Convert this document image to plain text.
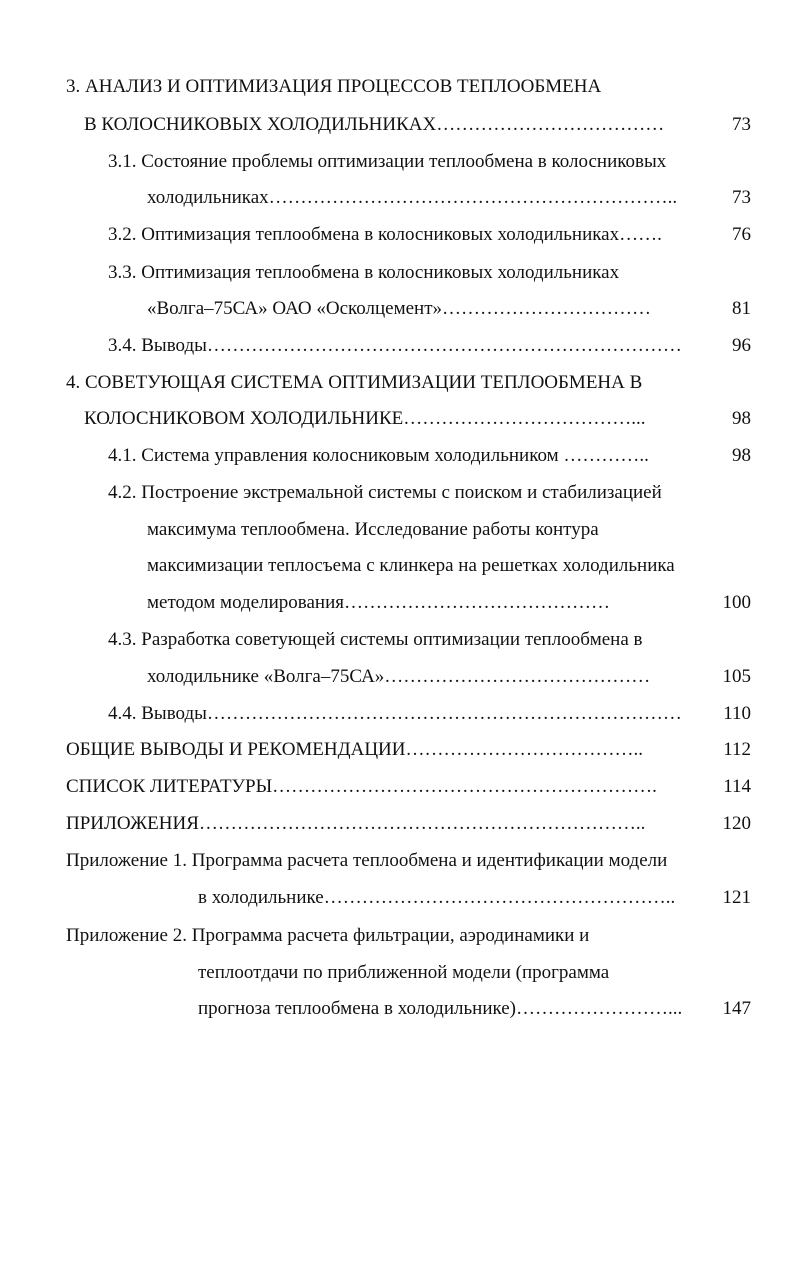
3. АНАЛИЗ И ОПТИМИЗАЦИЯ ПРОЦЕССОВ ТЕПЛООБМЕНА
В КОЛОСНИКОВЫХ ХОЛОДИЛЬНИКАХ………………………………	73
3.1. Состояние проблемы оптимизации теплообмена в колосниковых
холодильниках………………………………………………………..	73
3.2. Оптимизация теплообмена в колосниковых холодильниках…….	76
3.3. Оптимизация теплообмена в колосниковых холодильниках
«Волга–75СА» ОАО «Осколцемент»……………………………	81
3.4. Выводы…………………………………………………………………	96
4. СОВЕТУЮЩАЯ СИСТЕМА ОПТИМИЗАЦИИ ТЕПЛООБМЕНА В
КОЛОСНИКОВОМ ХОЛОДИЛЬНИКЕ………………………………...	98
4.1. Система управления колосниковым холодильником …………..	98
4.2. Построение экстремальной системы с поиском и стабилизацией
максимума теплообмена. Исследование работы контура
максимизации теплосъема с клинкера на решетках холодильника
методом моделирования……………………………………	100
4.3. Разработка советующей системы оптимизации теплообмена в
холодильнике «Волга–75СА»……………………………………	105
4.4. Выводы…………………………………………………………………	110
ОБЩИЕ ВЫВОДЫ И РЕКОМЕНДАЦИИ………………………………..	112
СПИСОК ЛИТЕРАТУРЫ…………………………………………………….	114
ПРИЛОЖЕНИЯ……………………………………………………………..	120
Приложение 1. Программа расчета теплообмена и идентификации модели
в холодильнике………………………………………………..	121
Приложение 2. Программа расчета фильтрации, аэродинамики и
теплоотдачи по приближенной модели (программа
прогноза теплообмена в холодильнике)……………………...	147
